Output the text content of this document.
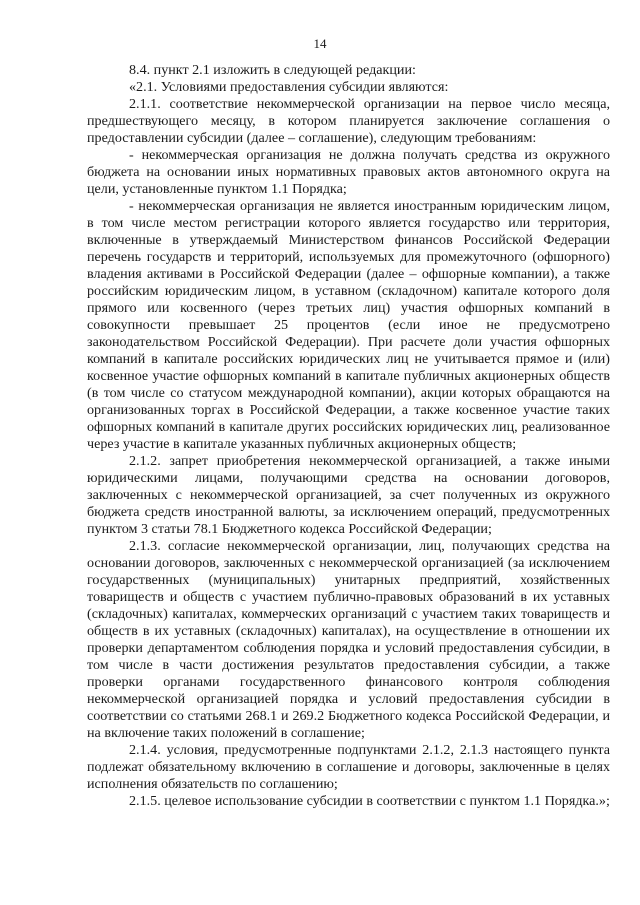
14

8.4. пункт 2.1 изложить в следующей редакции:

«2.1. Условиями предоставления субсидии являются:

2.1.1. соответствие некоммерческой организации на первое число месяца, предшествующего месяцу, в котором планируется заключение соглашения о предоставлении субсидии (далее – соглашение), следующим требованиям:

- некоммерческая организация не должна получать средства из окружного бюджета на основании иных нормативных правовых актов автономного округа на цели, установленные пунктом 1.1 Порядка;

- некоммерческая организация не является иностранным юридическим лицом, в том числе местом регистрации которого является государство или территория, включенные в утверждаемый Министерством финансов Российской Федерации перечень государств и территорий, используемых для промежуточного (офшорного) владения активами в Российской Федерации (далее – офшорные компании), а также российским юридическим лицом, в уставном (складочном) капитале которого доля прямого или косвенного (через третьих лиц) участия офшорных компаний в совокупности превышает 25 процентов (если иное не предусмотрено законодательством Российской Федерации). При расчете доли участия офшорных компаний в капитале российских юридических лиц не учитывается прямое и (или) косвенное участие офшорных компаний в капитале публичных акционерных обществ (в том числе со статусом международной компании), акции которых обращаются на организованных торгах в Российской Федерации, а также косвенное участие таких офшорных компаний в капитале других российских юридических лиц, реализованное через участие в капитале указанных публичных акционерных обществ;

2.1.2. запрет приобретения некоммерческой организацией, а также иными юридическими лицами, получающими средства на основании договоров, заключенных с некоммерческой организацией, за счет полученных из окружного бюджета средств иностранной валюты, за исключением операций, предусмотренных пунктом 3 статьи 78.1 Бюджетного кодекса Российской Федерации;

2.1.3. согласие некоммерческой организации, лиц, получающих средства на основании договоров, заключенных с некоммерческой организацией (за исключением государственных (муниципальных) унитарных предприятий, хозяйственных товариществ и обществ с участием публично-правовых образований в их уставных (складочных) капиталах, коммерческих организаций с участием таких товариществ и обществ в их уставных (складочных) капиталах), на осуществление в отношении их проверки департаментом соблюдения порядка и условий предоставления субсидии, в том числе в части достижения результатов предоставления субсидии, а также проверки органами государственного финансового контроля соблюдения некоммерческой организацией порядка и условий предоставления субсидии в соответствии со статьями 268.1 и 269.2 Бюджетного кодекса Российской Федерации, и на включение таких положений в соглашение;

2.1.4. условия, предусмотренные подпунктами 2.1.2, 2.1.3 настоящего пункта подлежат обязательному включению в соглашение и договоры, заключенные в целях исполнения обязательств по соглашению;

2.1.5. целевое использование субсидии в соответствии с пунктом 1.1 Порядка.»;
